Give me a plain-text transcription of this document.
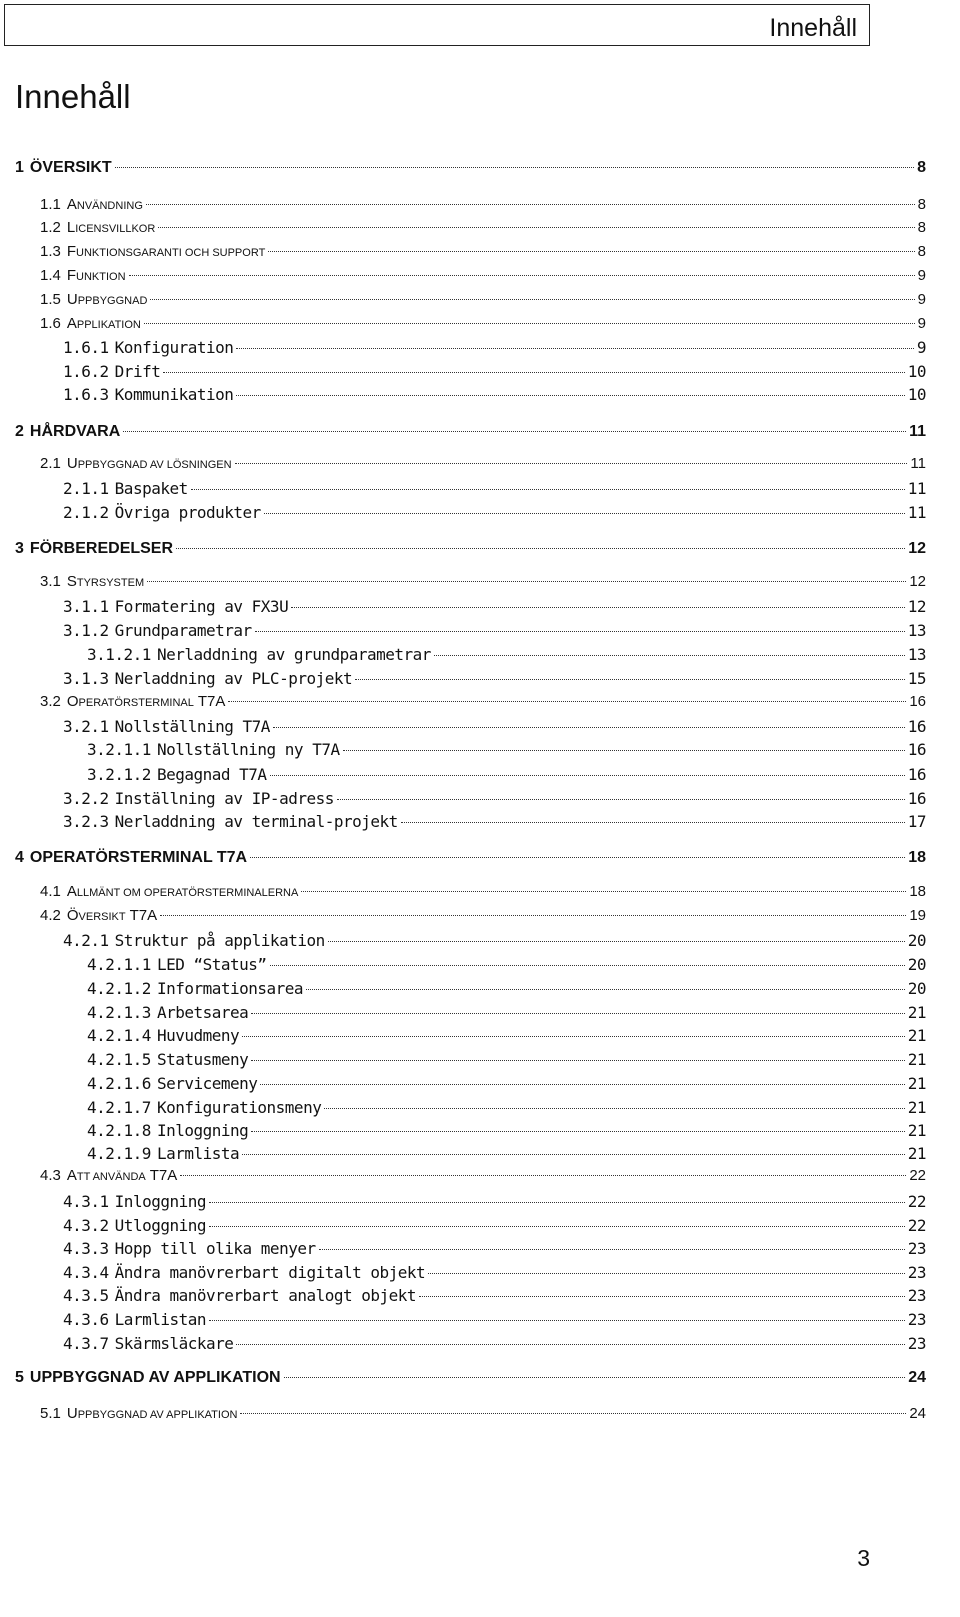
Innehåll
Innehåll
1 ÖVERSIKT	8
1.1 ANVÄNDNING	8
1.2 LICENSVILLKOR	8
1.3 FUNKTIONSGARANTI OCH SUPPORT	8
1.4 FUNKTION	9
1.5 UPPBYGGNAD	9
1.6 APPLIKATION	9
1.6.1 Konfiguration	9
1.6.2 Drift	10
1.6.3 Kommunikation	10
2 HÅRDVARA	11
2.1 UPPBYGGNAD AV LÖSNINGEN	11
2.1.1 Baspaket	11
2.1.2 Övriga produkter	11
3 FÖRBEREDELSER	12
3.1 STYRSYSTEM	12
3.1.1 Formatering av FX3U	12
3.1.2 Grundparametrar	13
3.1.2.1 Nerladdning av grundparametrar	13
3.1.3 Nerladdning av PLC-projekt	15
3.2 OPERATÖRSTERMINAL T7A	16
3.2.1 Nollställning T7A	16
3.2.1.1 Nollställning ny T7A	16
3.2.1.2 Begagnad T7A	16
3.2.2 Inställning av IP-adress	16
3.2.3 Nerladdning av terminal-projekt	17
4 OPERATÖRSTERMINAL T7A	18
4.1 ALLMÄNT OM OPERATÖRSTERMINALERNA	18
4.2 ÖVERSIKT T7A	19
4.2.1 Struktur på applikation	20
4.2.1.1 LED “Status”	20
4.2.1.2 Informationsarea	20
4.2.1.3 Arbetsarea	21
4.2.1.4 Huvudmeny	21
4.2.1.5 Statusmeny	21
4.2.1.6 Servicemeny	21
4.2.1.7 Konfigurationsmeny	21
4.2.1.8 Inloggning	21
4.2.1.9 Larmlista	21
4.3 ATT ANVÄNDA T7A	22
4.3.1 Inloggning	22
4.3.2 Utloggning	22
4.3.3 Hopp till olika menyer	23
4.3.4 Ändra manövrerbart digitalt objekt	23
4.3.5 Ändra manövrerbart analogt objekt	23
4.3.6 Larmlistan	23
4.3.7 Skärmsläckare	23
5 UPPBYGGNAD AV APPLIKATION	24
5.1 UPPBYGGNAD AV APPLIKATION	24
3
